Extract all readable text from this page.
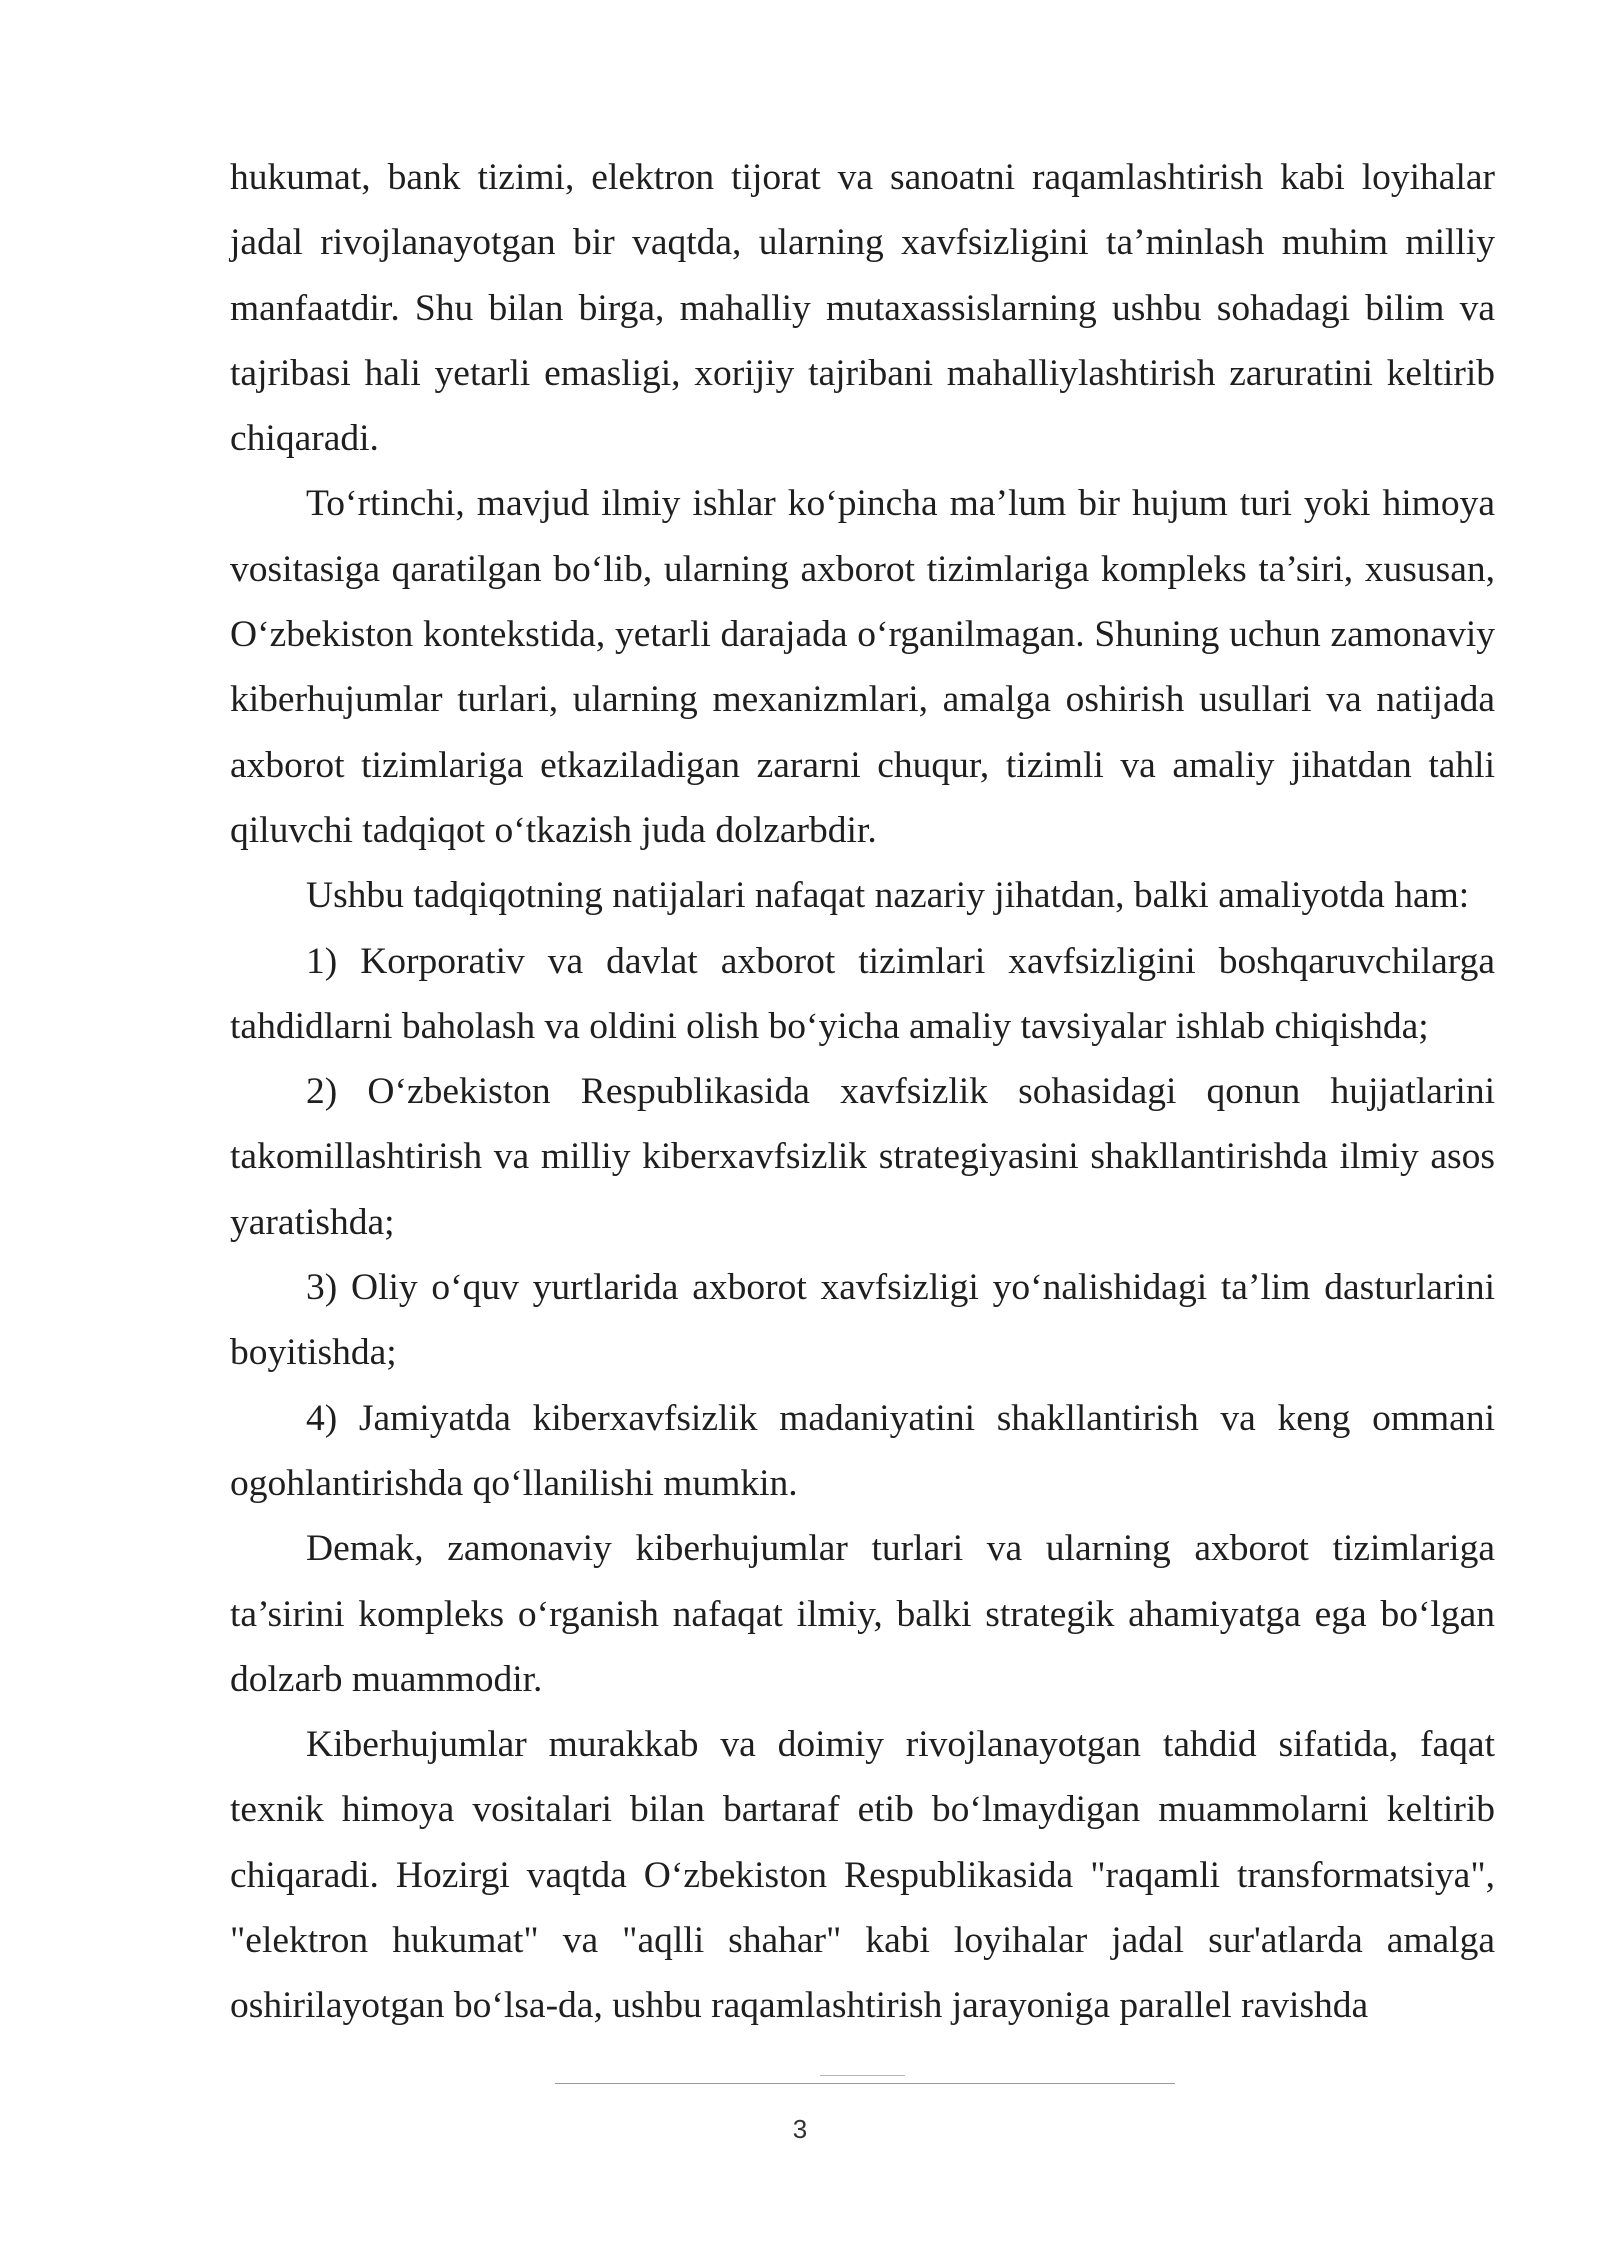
hukumat, bank tizimi, elektron tijorat va sanoatni raqamlashtirish kabi loyihalar jadal rivojlanayotgan bir vaqtda, ularning xavfsizligini ta’minlash muhim milliy manfaatdir. Shu bilan birga, mahalliy mutaxassislarning ushbu sohadagi bilim va tajribasi hali yetarli emasligi, xorijiy tajribani mahalliylashtirish zaruratini keltirib chiqaradi.

To‘rtinchi, mavjud ilmiy ishlar ko‘pincha ma’lum bir hujum turi yoki himoya vositasiga qaratilgan bo‘lib, ularning axborot tizimlariga kompleks ta’siri, xususan, O‘zbekiston kontekstida, yetarli darajada o‘rganilmagan. Shuning uchun zamonaviy kiberhujumlar turlari, ularning mexanizmlari, amalga oshirish usullari va natijada axborot tizimlariga etkaziladigan zararni chuqur, tizimli va amaliy jihatdan tahli qiluvchi tadqiqot o‘tkazish juda dolzarbdir.

Ushbu tadqiqotning natijalari nafaqat nazariy jihatdan, balki amaliyotda ham:

1) Korporativ va davlat axborot tizimlari xavfsizligini boshqaruvchilarga tahdidlarni baholash va oldini olish bo‘yicha amaliy tavsiyalar ishlab chiqishda;

2) O‘zbekiston Respublikasida xavfsizlik sohasidagi qonun hujjatlarini takomillashtirish va milliy kiberxavfsizlik strategiyasini shakllantirishda ilmiy asos yaratishda;

3) Oliy o‘quv yurtlarida axborot xavfsizligi yo‘nalishidagi ta’lim dasturlarini boyitishda;

4) Jamiyatda kiberxavfsizlik madaniyatini shakllantirish va keng ommani ogohlantirishda qo‘llanilishi mumkin.

Demak, zamonaviy kiberhujumlar turlari va ularning axborot tizimlariga ta’sirini kompleks o‘rganish nafaqat ilmiy, balki strategik ahamiyatga ega bo‘lgan dolzarb muammodir.

Kiberhujumlar murakkab va doimiy rivojlanayotgan tahdid sifatida, faqat texnik himoya vositalari bilan bartaraf etib bo‘lmaydigan muammolarni keltirib chiqaradi. Hozirgi vaqtda O‘zbekiston Respublikasida "raqamli transformatsiya", "elektron hukumat" va "aqlli shahar" kabi loyihalar jadal sur'atlarda amalga oshirilayotgan bo‘lsa-da, ushbu raqamlashtirish jarayoniga parallel ravishda

3
